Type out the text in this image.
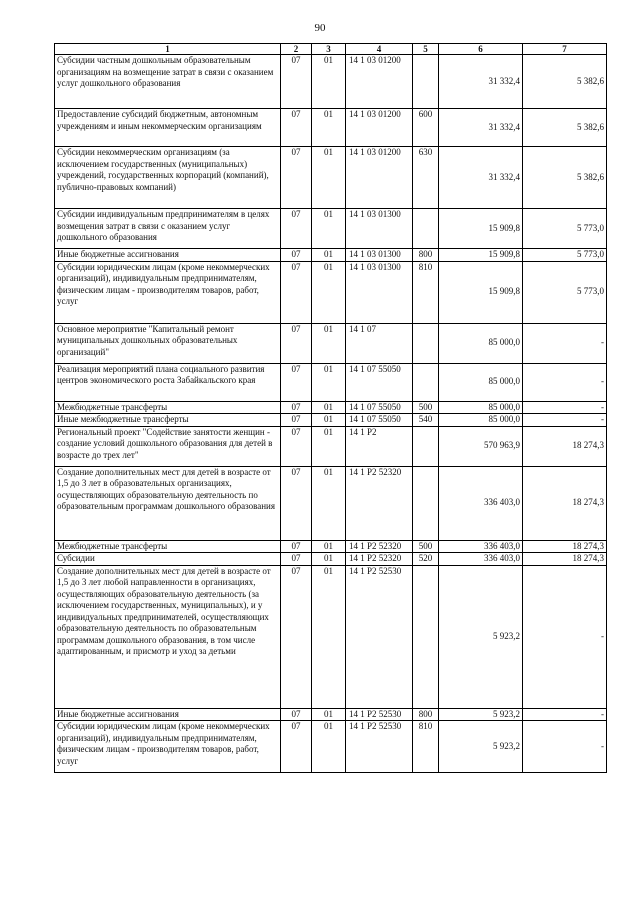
90
1	2	3	4	5	6	7
Субсидии частным дошкольным образовательным организациям на возмещение затрат в связи с оказанием услуг дошкольного образования	07	01	14 1 03 01200		31 332,4	5 382,6
Предоставление субсидий бюджетным, автономным учреждениям и иным некоммерческим организациям	07	01	14 1 03 01200	600	31 332,4	5 382,6
Субсидии некоммерческим организациям (за исключением государственных (муниципальных) учреждений, государственных корпораций (компаний), публично-правовых компаний)	07	01	14 1 03 01200	630	31 332,4	5 382,6
Субсидии индивидуальным предпринимателям в целях возмещения затрат в связи с оказанием услуг дошкольного образования	07	01	14 1 03 01300		15 909,8	5 773,0
Иные бюджетные ассигнования	07	01	14 1 03 01300	800	15 909,8	5 773,0
Субсидии юридическим лицам (кроме некоммерческих организаций), индивидуальным предпринимателям, физическим лицам - производителям товаров, работ, услуг	07	01	14 1 03 01300	810	15 909,8	5 773,0
Основное мероприятие "Капитальный ремонт муниципальных дошкольных образовательных организаций"	07	01	14 1 07		85 000,0	-
Реализация мероприятий плана социального развития центров экономического роста Забайкальского края	07	01	14 1 07 55050		85 000,0	-
Межбюджетные трансферты	07	01	14 1 07 55050	500	85 000,0	-
Иные межбюджетные трансферты	07	01	14 1 07 55050	540	85 000,0	-
Региональный проект "Содействие занятости женщин - создание условий дошкольного образования для детей в возрасте до трех лет"	07	01	14 1 P2		570 963,9	18 274,3
Создание дополнительных мест для детей в возрасте от 1,5 до 3 лет в образовательных организациях, осуществляющих образовательную деятельность по образовательным программам дошкольного образования	07	01	14 1 P2 52320		336 403,0	18 274,3
Межбюджетные трансферты	07	01	14 1 P2 52320	500	336 403,0	18 274,3
Субсидии	07	01	14 1 P2 52320	520	336 403,0	18 274,3
Создание дополнительных мест для детей в возрасте от 1,5 до 3 лет любой направленности в организациях, осуществляющих образовательную деятельность (за исключением государственных, муниципальных), и у индивидуальных предпринимателей, осуществляющих образовательную деятельность по образовательным программам дошкольного образования, в том числе адаптированным, и присмотр и уход за детьми	07	01	14 1 P2 52530		5 923,2	-
Иные бюджетные ассигнования	07	01	14 1 P2 52530	800	5 923,2	-
Субсидии юридическим лицам (кроме некоммерческих организаций), индивидуальным предпринимателям, физическим лицам - производителям товаров, работ, услуг	07	01	14 1 P2 52530	810	5 923,2	-
